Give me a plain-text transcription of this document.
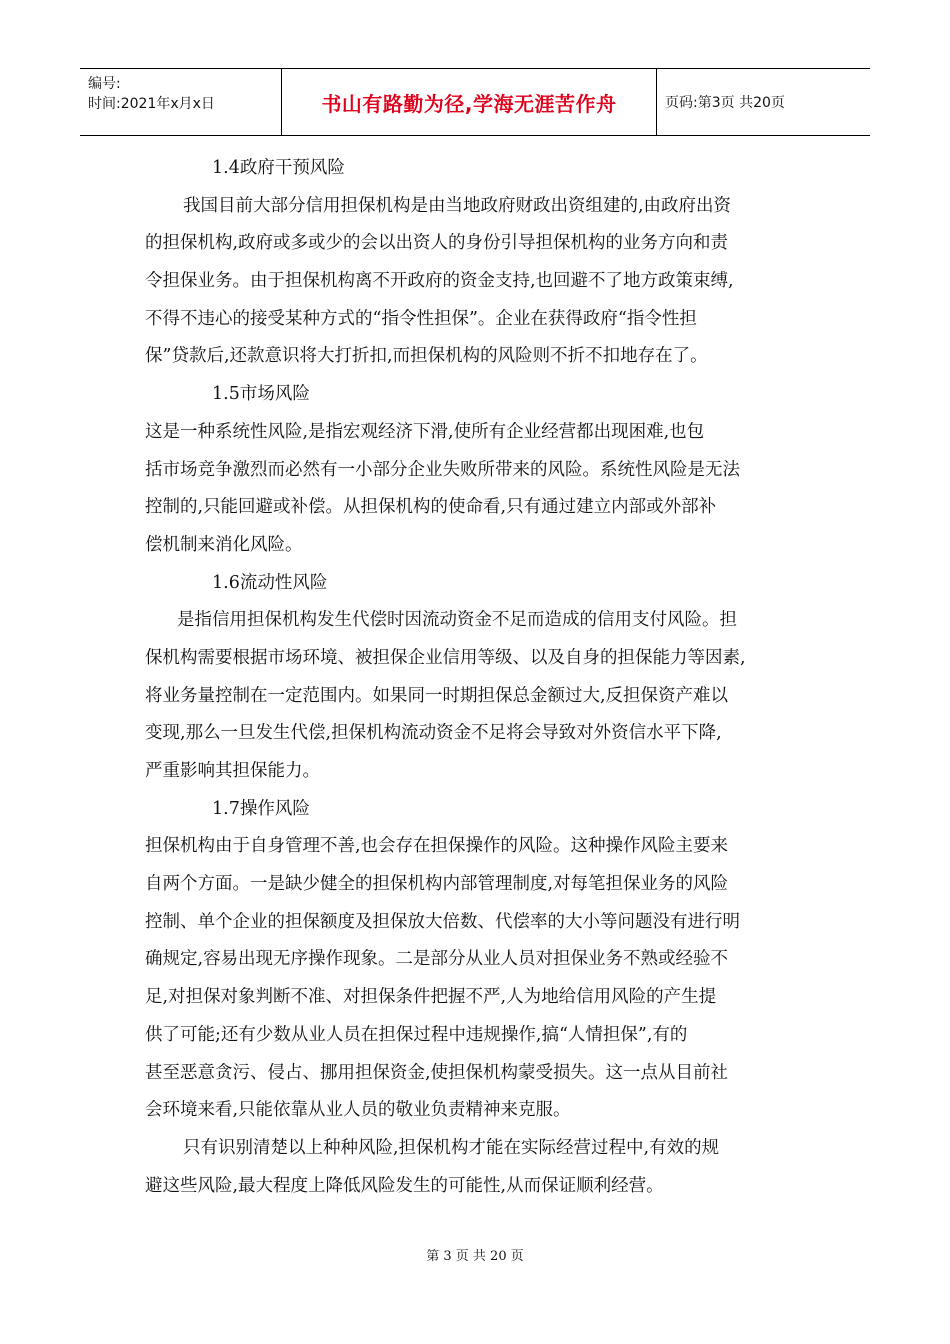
编号:
时间:2021年x月x日	书山有路勤为径,学海无涯苦作舟	页码:第3页 共20页
1.4政府干预风险
我国目前大部分信用担保机构是由当地政府财政出资组建的,由政府出资
的担保机构,政府或多或少的会以出资人的身份引导担保机构的业务方向和责
令担保业务。由于担保机构离不开政府的资金支持,也回避不了地方政策束缚,
不得不违心的接受某种方式的“指令性担保”。企业在获得政府“指令性担
保”贷款后,还款意识将大打折扣,而担保机构的风险则不折不扣地存在了。
1.5市场风险
这是一种系统性风险,是指宏观经济下滑,使所有企业经营都出现困难,也包
括市场竞争激烈而必然有一小部分企业失败所带来的风险。系统性风险是无法
控制的,只能回避或补偿。从担保机构的使命看,只有通过建立内部或外部补
偿机制来消化风险。
1.6流动性风险
是指信用担保机构发生代偿时因流动资金不足而造成的信用支付风险。担
保机构需要根据市场环境、被担保企业信用等级、以及自身的担保能力等因素,
将业务量控制在一定范围内。如果同一时期担保总金额过大,反担保资产难以
变现,那么一旦发生代偿,担保机构流动资金不足将会导致对外资信水平下降,
严重影响其担保能力。
1.7操作风险
担保机构由于自身管理不善,也会存在担保操作的风险。这种操作风险主要来
自两个方面。一是缺少健全的担保机构内部管理制度,对每笔担保业务的风险
控制、单个企业的担保额度及担保放大倍数、代偿率的大小等问题没有进行明
确规定,容易出现无序操作现象。二是部分从业人员对担保业务不熟或经验不
足,对担保对象判断不准、对担保条件把握不严,人为地给信用风险的产生提
供了可能;还有少数从业人员在担保过程中违规操作,搞“人情担保”,有的
甚至恶意贪污、侵占、挪用担保资金,使担保机构蒙受损失。这一点从目前社
会环境来看,只能依靠从业人员的敬业负责精神来克服。
只有识别清楚以上种种风险,担保机构才能在实际经营过程中,有效的规
避这些风险,最大程度上降低风险发生的可能性,从而保证顺利经营。
第 3 页 共 20 页
